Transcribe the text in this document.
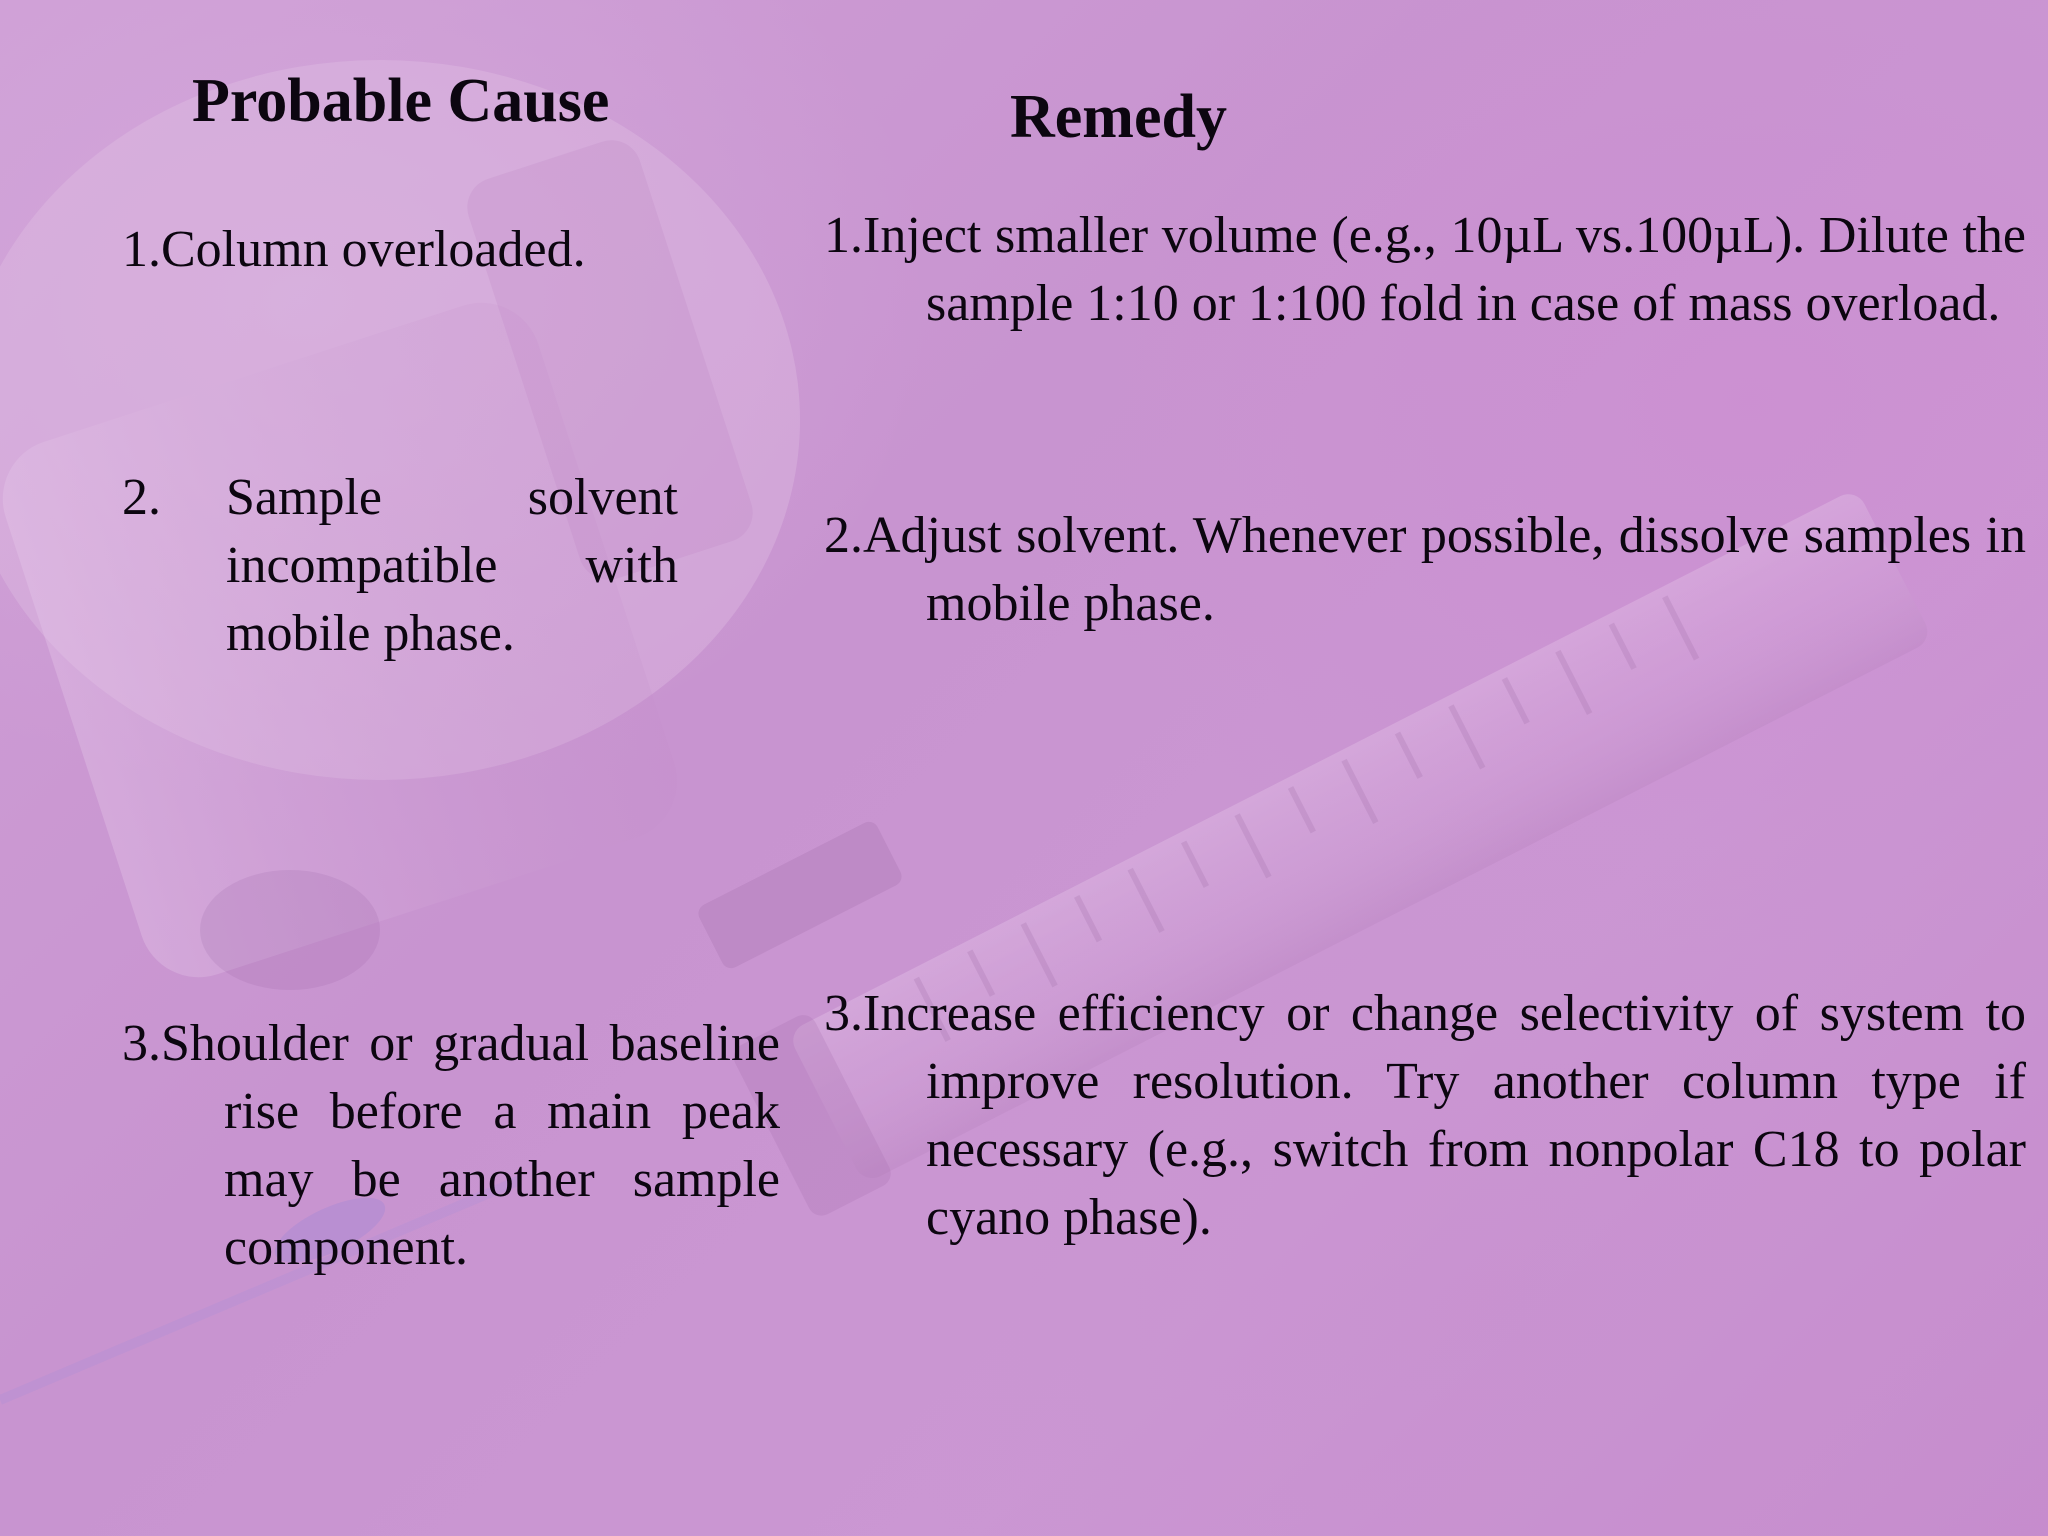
Probable Cause	Remedy

1.Column overloaded.

2. Sample solvent incompatible with mobile phase.

3.Shoulder or gradual baseline rise before a main peak may be another sample component.

1.Inject smaller volume (e.g., 10µL vs.100µL). Dilute the sample 1:10 or 1:100 fold in case of mass overload.

2.Adjust solvent. Whenever possible, dissolve samples in mobile phase.

3.Increase efficiency or change selectivity of system to improve resolution. Try another column type if necessary (e.g., switch from nonpolar C18 to polar cyano phase).
